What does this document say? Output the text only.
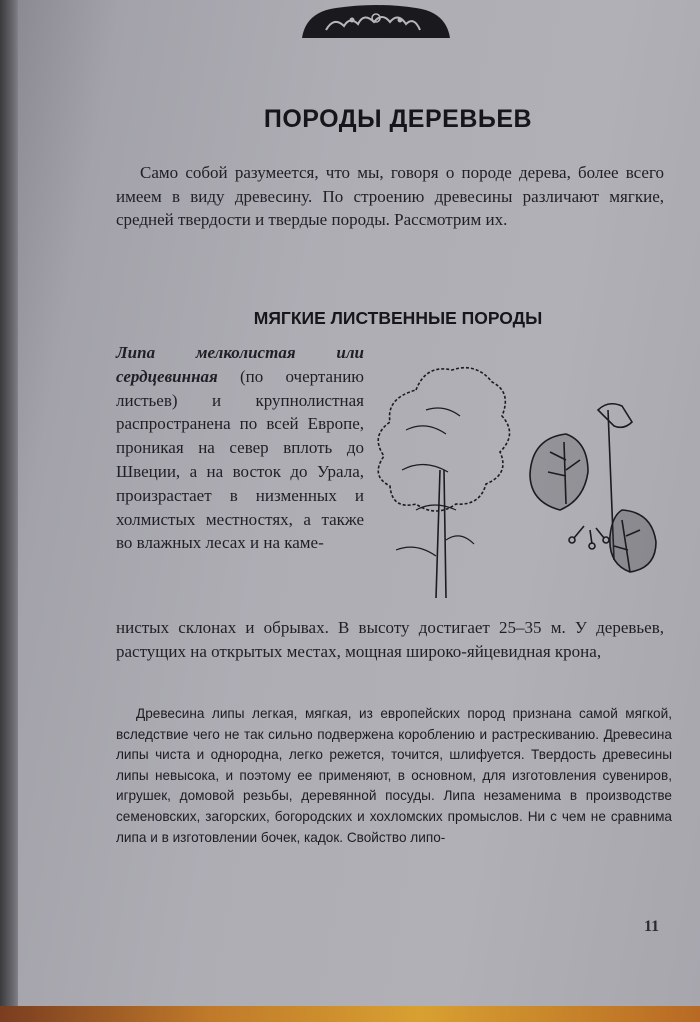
ПОРОДЫ ДЕРЕВЬЕВ

Само собой разумеется, что мы, говоря о породе дерева, более всего имеем в виду древесину. По строению древесины различают мягкие, средней твердости и твердые породы. Рассмотрим их.

МЯГКИЕ ЛИСТВЕННЫЕ ПОРОДЫ
Липа мелколистая или сердцевинная (по очертанию листьев) и крупнолистная распространена по всей Европе, проникая на север вплоть до Швеции, а на восток до Урала, произрастает в низменных и холмистых местностях, а также во влажных лесах и на каме-
нистых склонах и обрывах. В высоту достигает 25–35 м. У деревьев, растущих на открытых местах, мощная широко-яйцевидная крона,

Древесина липы легкая, мягкая, из европейских пород признана самой мягкой, вследствие чего не так сильно подвержена короблению и растрескиванию. Древесина липы чиста и однородна, легко режется, точится, шлифуется. Твердость древесины липы невысока, и поэтому ее применяют, в основном, для изготовления сувениров, игрушек, домовой резьбы, деревянной посуды. Липа незаменима в производстве семеновских, загорских, богородских и хохломских промыслов. Ни с чем не сравнима липа и в изготовлении бочек, кадок. Свойство липо-

11
